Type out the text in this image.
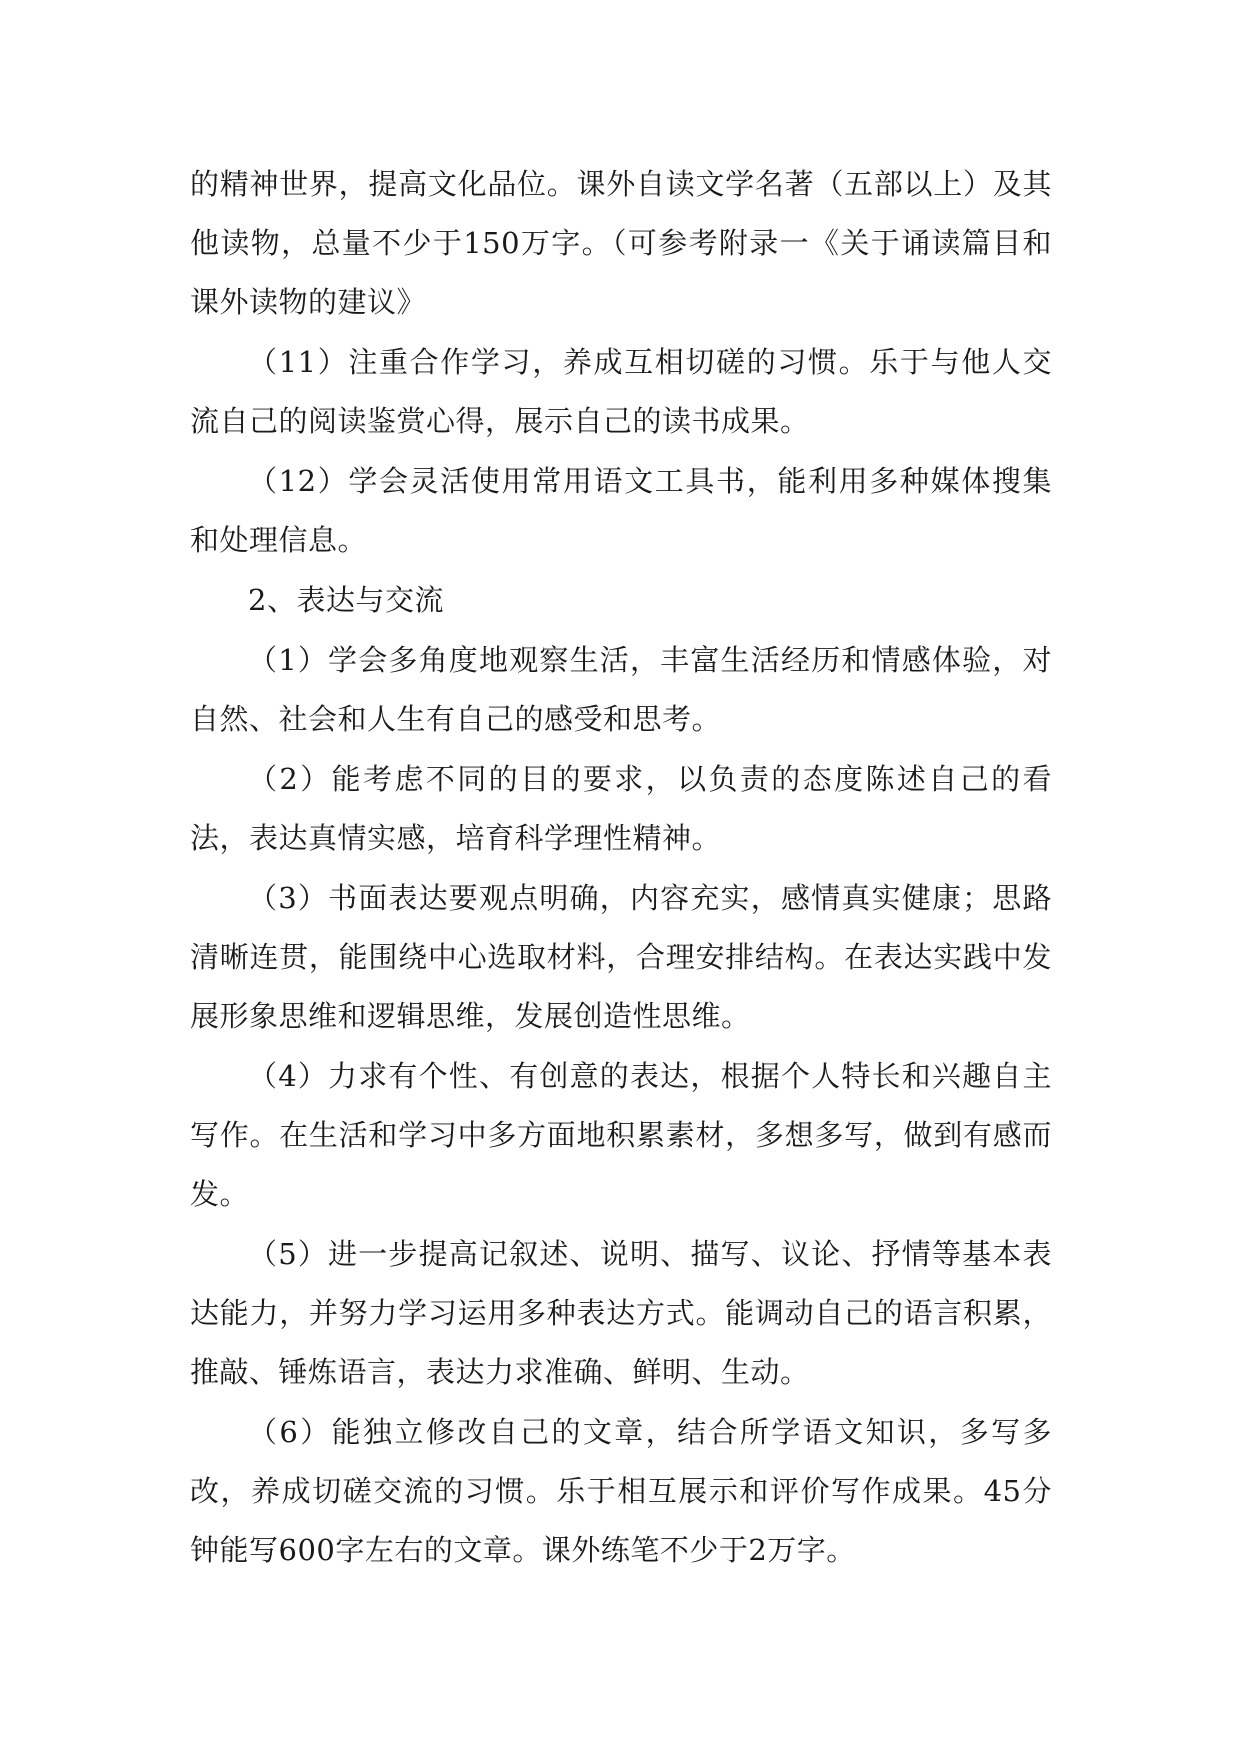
的精神世界，提高文化品位。课外自读文学名著（五部以上）及其他读物，总量不少于150万字。（可参考附录一《关于诵读篇目和课外读物的建议》

（11）注重合作学习，养成互相切磋的习惯。乐于与他人交流自己的阅读鉴赏心得，展示自己的读书成果。

（12）学会灵活使用常用语文工具书，能利用多种媒体搜集和处理信息。

2、表达与交流

（1）学会多角度地观察生活，丰富生活经历和情感体验，对自然、社会和人生有自己的感受和思考。

（2）能考虑不同的目的要求，以负责的态度陈述自己的看法，表达真情实感，培育科学理性精神。

（3）书面表达要观点明确，内容充实，感情真实健康；思路清晰连贯，能围绕中心选取材料，合理安排结构。在表达实践中发展形象思维和逻辑思维，发展创造性思维。

（4）力求有个性、有创意的表达，根据个人特长和兴趣自主写作。在生活和学习中多方面地积累素材，多想多写，做到有感而发。

（5）进一步提高记叙述、说明、描写、议论、抒情等基本表达能力，并努力学习运用多种表达方式。能调动自己的语言积累，推敲、锤炼语言，表达力求准确、鲜明、生动。

（6）能独立修改自己的文章，结合所学语文知识，多写多改，养成切磋交流的习惯。乐于相互展示和评价写作成果。45分钟能写600字左右的文章。课外练笔不少于2万字。
